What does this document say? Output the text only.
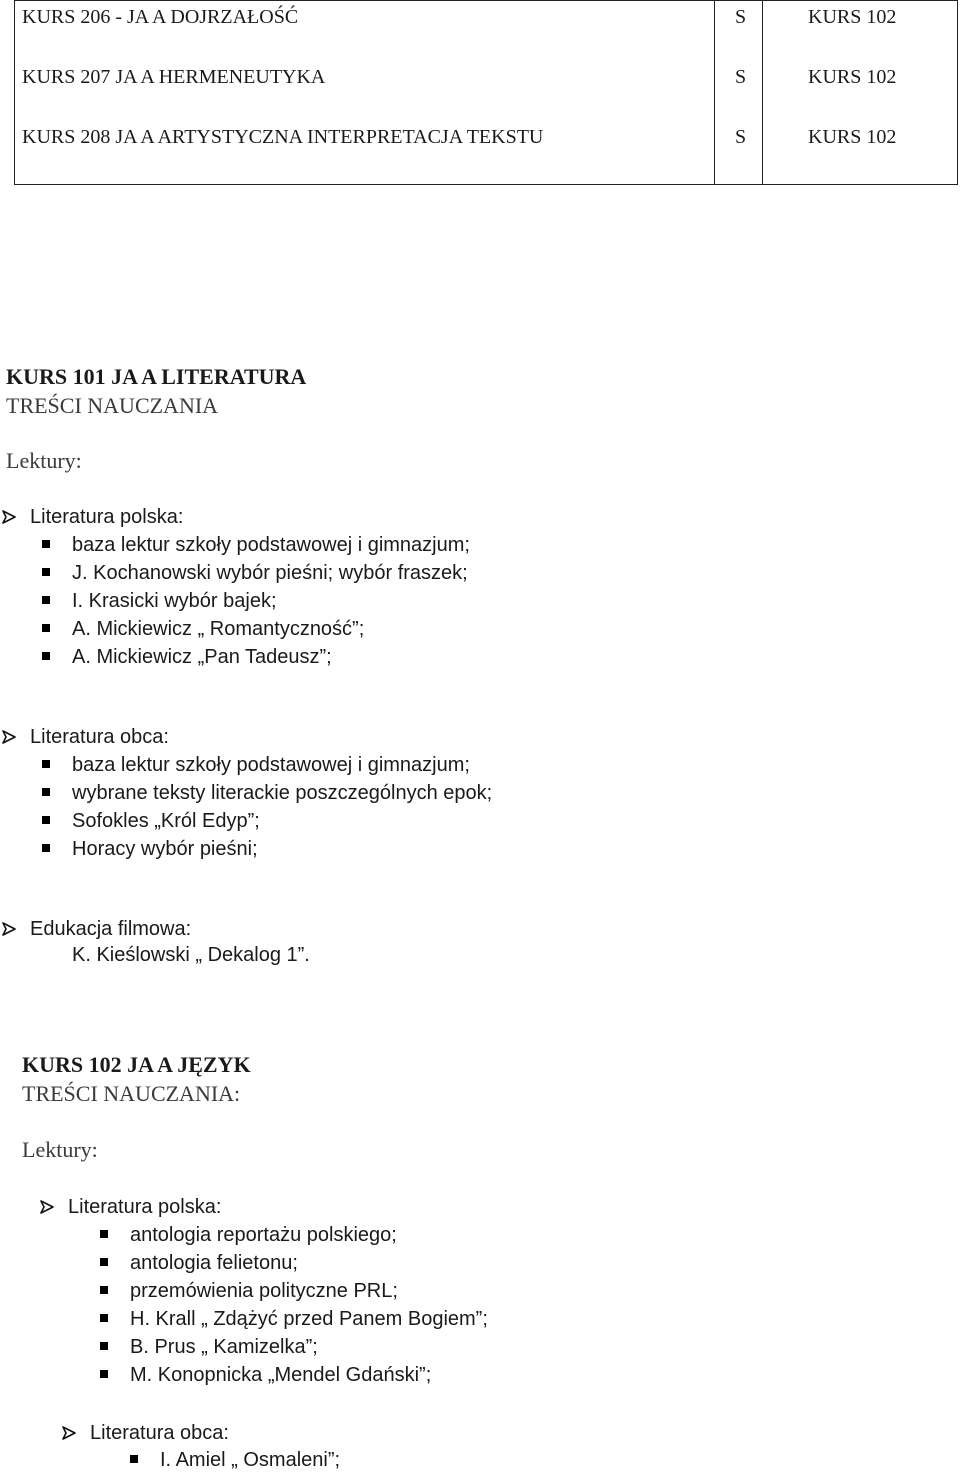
KURS 206 - JA A DOJRZAŁOŚĆ	S	KURS 102
KURS 207 JA A HERMENEUTYKA	S	KURS 102
KURS 208 JA A ARTYSTYCZNA INTERPRETACJA TEKSTU	S	KURS 102
KURS 101 JA A LITERATURA
TREŚCI NAUCZANIA
Lektury:
Literatura polska:
baza lektur szkoły podstawowej i gimnazjum;
J. Kochanowski wybór pieśni; wybór fraszek;
I. Krasicki wybór bajek;
A. Mickiewicz „ Romantyczność”;
A. Mickiewicz „Pan Tadeusz”;
Literatura obca:
baza lektur szkoły podstawowej i gimnazjum;
wybrane teksty literackie poszczególnych epok;
Sofokles „Król Edyp”;
Horacy wybór pieśni;
Edukacja filmowa:
K. Kieślowski „ Dekalog 1”.
KURS 102 JA A JĘZYK
TREŚCI NAUCZANIA:
Lektury:
Literatura polska:
antologia reportażu polskiego;
antologia felietonu;
przemówienia polityczne PRL;
H. Krall „ Zdążyć przed Panem Bogiem”;
B. Prus „ Kamizelka”;
M. Konopnicka „Mendel Gdański”;
Literatura obca:
I. Amiel „ Osmaleni”;
